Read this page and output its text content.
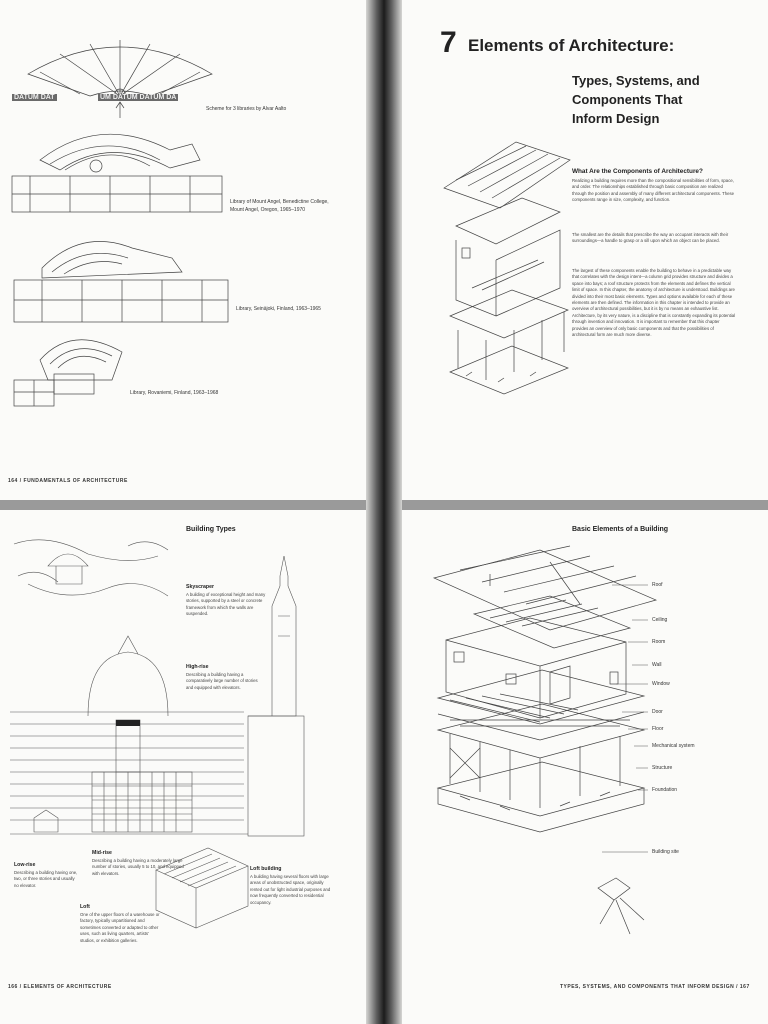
DATUM DAT	UM DATUM DATUM DA
Scheme for 3 libraries by Alvar Aalto
Library of Mount Angel, Benedictine College,
Mount Angel, Oregon, 1965–1970
Library, Seinäjoki, Finland, 1963–1965
Library, Rovaniemi, Finland, 1963–1968
164 / FUNDAMENTALS OF ARCHITECTURE
7 Elements of Architecture:
Types, Systems, and
Components That
Inform Design
What Are the Components of Architecture?
Realizing a building requires more than the compositional sensibilities of form, space, and order. The relationships established through basic composition are realized through the position and assembly of many different architectural components. These components range in size, complexity, and function.
The smallest are the details that prescribe the way an occupant interacts with their surroundings—a handle to grasp or a sill upon which an object can be placed.
The largest of these components enable the building to behave in a predictable way that correlates with the design intent—a column grid provides structure and divides a space into bays; a roof structure protects from the elements and defines the vertical limit of space. In this chapter, the anatomy of architecture is understood. Buildings are divided into their most basic elements. Types and options available for each of these elements are then defined. The information in this chapter is intended to provide an overview of architectural possibilities, but it is by no means an exhaustive list. Architecture, by its very nature, is a discipline that is constantly expanding its potential through invention and innovation. It is important to remember that this chapter provides an overview of only basic components and that the possibilities of architectural form are much more diverse.
Building Types
Skyscraper
A building of exceptional height and many stories, supported by a steel or concrete framework from which the walls are suspended.
High-rise
Describing a building having a comparatively large number of stories and equipped with elevators.
Mid-rise
Describing a building having a moderately large number of stories, usually 5 to 10, and equipped with elevators.
Low-rise
Describing a building having one, two, or three stories and usually no elevator.
Loft
One of the upper floors of a warehouse or factory, typically unpartitioned and sometimes converted or adapted to other uses, such as living quarters, artists' studios, or exhibition galleries.
Loft building
A building having several floors with large areas of unobstructed space, originally rented out for light industrial purposes and now frequently converted to residential occupancy.
166 / ELEMENTS OF ARCHITECTURE
Basic Elements of a Building
Roof
Ceiling
Room
Wall
Window
Door
Floor
Mechanical system
Structure
Foundation
Building site
TYPES, SYSTEMS, AND COMPONENTS THAT INFORM DESIGN / 167
